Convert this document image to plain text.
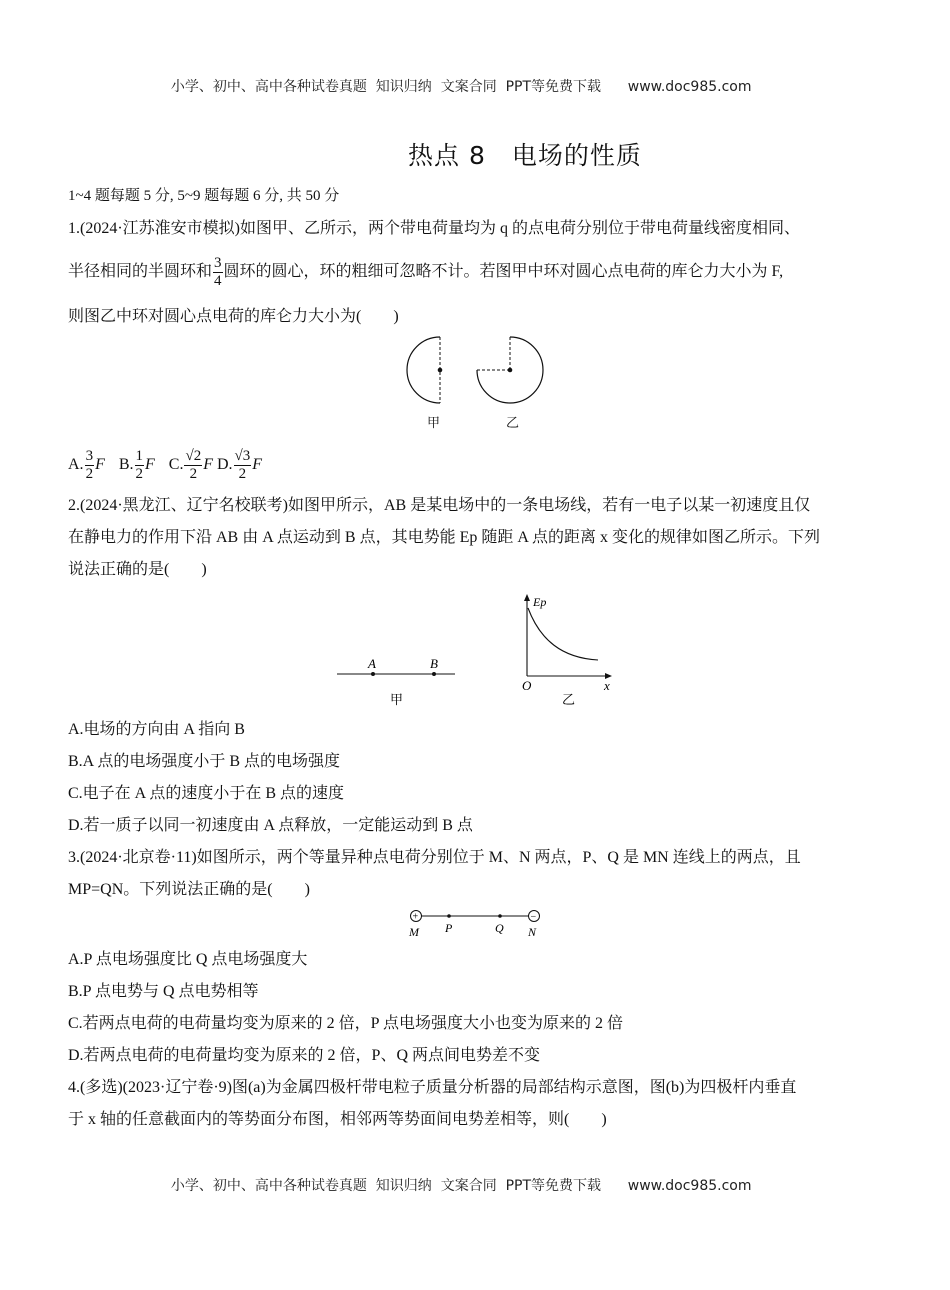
小学、初中、高中各种试卷真题  知识归纳  文案合同  PPT等免费下载 www.doc985.com

热点 8　电场的性质
1~4 题每题 5 分, 5~9 题每题 6 分, 共 50 分
1.(2024·江苏淮安市模拟)如图甲、乙所示，两个带电荷量均为 q 的点电荷分别位于带电荷量线密度相同、
半径相同的半圆环和 $\frac{3}{4}$ 圆环的圆心，环的粗细可忽略不计。若图甲中环对圆心点电荷的库仑力大小为 F,
则图乙中环对圆心点电荷的库仑力大小为(　　)
甲	乙
A. $\frac{3}{2}$ F B. $\frac{1}{2}$ F C. $\frac{√2}{2}$ F D. $\frac{√3}{2}$ F
2.(2024·黑龙江、辽宁名校联考)如图甲所示，AB 是某电场中的一条电场线，若有一电子以某一初速度且仅
在静电力的作用下沿 AB 由 A 点运动到 B 点，其电势能 Ep 随距 A 点的距离 x 变化的规律如图乙所示。下列
说法正确的是(　　)
A	B
甲
Ep
x
O
乙
A.电场的方向由 A 指向 B
B.A 点的电场强度小于 B 点的电场强度
C.电子在 A 点的速度小于在 B 点的速度
D.若一质子以同一初速度由 A 点释放，一定能运动到 B 点
3.(2024·北京卷·11)如图所示，两个等量异种点电荷分别位于 M、N 两点，P、Q 是 MN 连线上的两点，且
MP=QN。下列说法正确的是(　　)
+	−
M P	Q N
A.P 点电场强度比 Q 点电场强度大
B.P 点电势与 Q 点电势相等
C.若两点电荷的电荷量均变为原来的 2 倍，P 点电场强度大小也变为原来的 2 倍
D.若两点电荷的电荷量均变为原来的 2 倍，P、Q 两点间电势差不变
4.(多选)(2023·辽宁卷·9)图(a)为金属四极杆带电粒子质量分析器的局部结构示意图，图(b)为四极杆内垂直
于 x 轴的任意截面内的等势面分布图，相邻两等势面间电势差相等，则(　　)

小学、初中、高中各种试卷真题  知识归纳  文案合同  PPT等免费下载 www.doc985.com
